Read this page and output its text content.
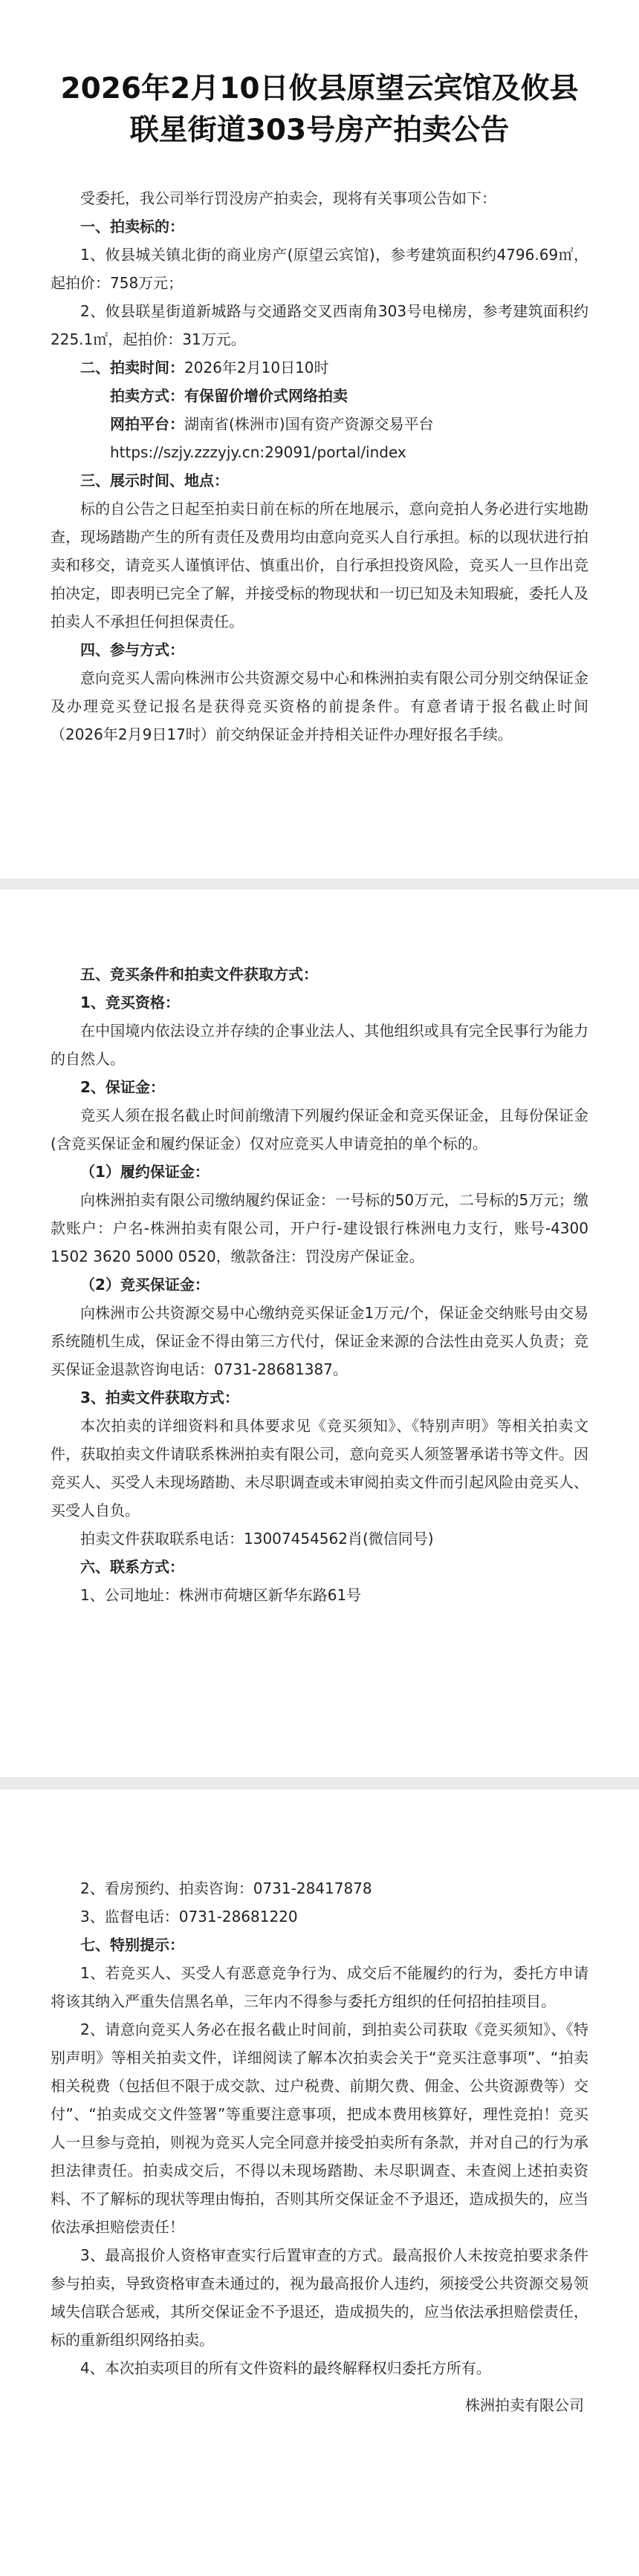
2026年2月10日攸县原望云宾馆及攸县联星街道303号房产拍卖公告

受委托，我公司举行罚没房产拍卖会，现将有关事项公告如下：

一、拍卖标的：

1、攸县城关镇北街的商业房产(原望云宾馆)，参考建筑面积约4796.69㎡，起拍价：758万元；

2、攸县联星街道新城路与交通路交叉西南角303号电梯房，参考建筑面积约225.1㎡，起拍价：31万元。

二、拍卖时间：2026年2月10日10时

拍卖方式：有保留价增价式网络拍卖

网拍平台：湖南省(株洲市)国有资产资源交易平台

https://szjy.zzzyjy.cn:29091/portal/index

三、展示时间、地点：

标的自公告之日起至拍卖日前在标的所在地展示，意向竞拍人务必进行实地勘查，现场踏勘产生的所有责任及费用均由意向竞买人自行承担。标的以现状进行拍卖和移交，请竞买人谨慎评估、慎重出价，自行承担投资风险，竞买人一旦作出竞拍决定，即表明已完全了解，并接受标的物现状和一切已知及未知瑕疵，委托人及拍卖人不承担任何担保责任。

四、参与方式：

意向竞买人需向株洲市公共资源交易中心和株洲拍卖有限公司分别交纳保证金及办理竞买登记报名是获得竞买资格的前提条件。有意者请于报名截止时间（2026年2月9日17时）前交纳保证金并持相关证件办理好报名手续。

五、竞买条件和拍卖文件获取方式：

1、竞买资格：

在中国境内依法设立并存续的企事业法人、其他组织或具有完全民事行为能力的自然人。

2、保证金：

竞买人须在报名截止时间前缴清下列履约保证金和竞买保证金，且每份保证金(含竞买保证金和履约保证金）仅对应竞买人申请竞拍的单个标的。

（1）履约保证金：

向株洲拍卖有限公司缴纳履约保证金：一号标的50万元，二号标的5万元；缴款账户：户名-株洲拍卖有限公司，开户行-建设银行株洲电力支行，账号-4300 1502 3620 5000 0520，缴款备注：罚没房产保证金。

（2）竞买保证金：

向株洲市公共资源交易中心缴纳竞买保证金1万元/个，保证金交纳账号由交易系统随机生成，保证金不得由第三方代付，保证金来源的合法性由竞买人负责；竞买保证金退款咨询电话：0731-28681387。

3、拍卖文件获取方式：

本次拍卖的详细资料和具体要求见《竞买须知》、《特别声明》等相关拍卖文件，获取拍卖文件请联系株洲拍卖有限公司，意向竞买人须签署承诺书等文件。因竞买人、买受人未现场踏勘、未尽职调查或未审阅拍卖文件而引起风险由竞买人、买受人自负。

拍卖文件获取联系电话：13007454562肖(微信同号)

六、联系方式：

1、公司地址：株洲市荷塘区新华东路61号

2、看房预约、拍卖咨询：0731-28417878

3、监督电话：0731-28681220

七、特别提示：

1、若竞买人、买受人有恶意竞争行为、成交后不能履约的行为，委托方申请将该其纳入严重失信黑名单，三年内不得参与委托方组织的任何招拍挂项目。

2、请意向竞买人务必在报名截止时间前，到拍卖公司获取《竞买须知》、《特别声明》等相关拍卖文件，详细阅读了解本次拍卖会关于“竞买注意事项”、“拍卖相关税费（包括但不限于成交款、过户税费、前期欠费、佣金、公共资源费等）交付”、“拍卖成交文件签署”等重要注意事项，把成本费用核算好，理性竞拍！竞买人一旦参与竞拍，则视为竞买人完全同意并接受拍卖所有条款，并对自己的行为承担法律责任。拍卖成交后，不得以未现场踏勘、未尽职调查、未查阅上述拍卖资料、不了解标的现状等理由悔拍，否则其所交保证金不予退还，造成损失的，应当依法承担赔偿责任！

3、最高报价人资格审查实行后置审查的方式。最高报价人未按竞拍要求条件参与拍卖，导致资格审查未通过的，视为最高报价人违约，须接受公共资源交易领域失信联合惩戒，其所交保证金不予退还，造成损失的，应当依法承担赔偿责任，标的重新组织网络拍卖。

4、本次拍卖项目的所有文件资料的最终解释权归委托方所有。

株洲拍卖有限公司
